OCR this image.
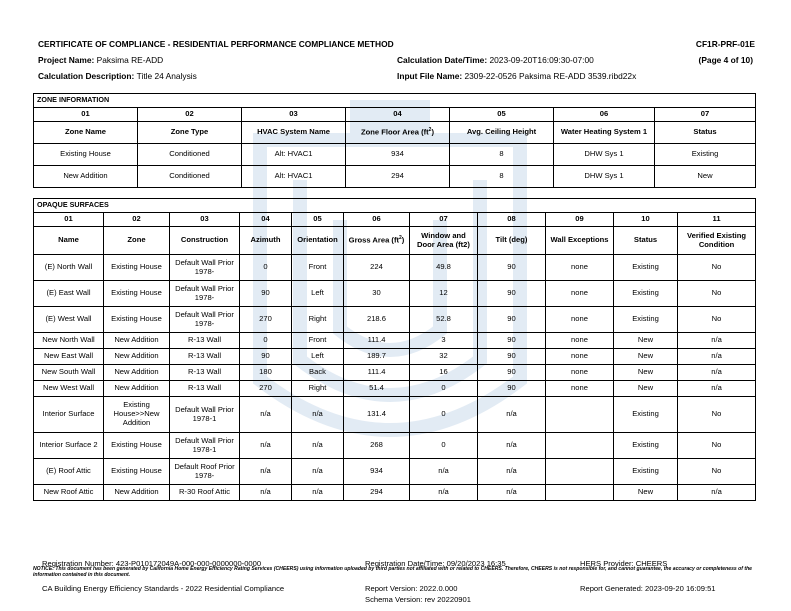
CERTIFICATE OF COMPLIANCE - RESIDENTIAL PERFORMANCE COMPLIANCE METHOD	CF1R-PRF-01E
Project Name: Paksima RE-ADD	Calculation Date/Time: 2023-09-20T16:09:30-07:00	(Page 4 of 10)
Calculation Description: Title 24 Analysis	Input File Name: 2309-22-0526 Paksima RE-ADD 3539.ribd22x
ZONE INFORMATION						
01	02	03	04	05	06	07
Zone Name	Zone Type	HVAC System Name	Zone Floor Area $(ft^2)$	Avg. Ceiling Height	Water Heating System 1	Status
Existing House	Conditioned	Alt: HVAC1	934	8	DHW Sys 1	Existing
New Addition	Conditioned	Alt: HVAC1	294	8	DHW Sys 1	New
OPAQUE SURFACES										
01	02	03	04	05	06	07	08	09	10	11
Name	Zone	Construction	Azimuth	Orientation	Gross Area $(ft^2)$	Window and Door Area (ft2)	Tilt (deg)	Wall Exceptions	Status	Verified Existing Condition
(E) North Wall	Existing House	Default Wall Prior 1978-	0	Front	224	49.8	90	none	Existing	No
(E) East Wall	Existing House	Default Wall Prior 1978-	90	Left	30	12	90	none	Existing	No
(E) West Wall	Existing House	Default Wall Prior 1978-	270	Right	218.6	52.8	90	none	Existing	No
New North Wall	New Addition	R-13 Wall	0	Front	111.4	3	90	none	New	n/a
New East Wall	New Addition	R-13 Wall	90	Left	189.7	32	90	none	New	n/a
New South Wall	New Addition	R-13 Wall	180	Back	111.4	16	90	none	New	n/a
New West Wall	New Addition	R-13 Wall	270	Right	51.4	0	90	none	New	n/a
Interior Surface	Existing House>>New Addition	Default Wall Prior 1978-1	n/a	n/a	131.4	0	n/a		Existing	No
Interior Surface 2	Existing House	Default Wall Prior 1978-1	n/a	n/a	268	0	n/a		Existing	No
(E) Roof Attic	Existing House	Default Roof Prior 1978-	n/a	n/a	934	n/a	n/a		Existing	No
New Roof Attic	New Addition	R-30 Roof Attic	n/a	n/a	294	n/a	n/a		New	n/a
Registration Number: 423-P010172049A-000-000-0000000-0000	Registration Date/Time: 09/20/2023 16:35	HERS Provider: CHEERS
NOTICE: This document has been generated by California Home Energy Efficiency Rating Services (CHEERS) using information uploaded by third parties not affiliated with or related to CHEERS. Therefore, CHEERS is not responsible for, and cannot guarantee, the accuracy or completeness of the information contained in this document.
CA Building Energy Efficiency Standards - 2022 Residential Compliance	Report Version: 2022.0.000	Report Generated: 2023-09-20 16:09:51
Schema Version: rev 20220901
